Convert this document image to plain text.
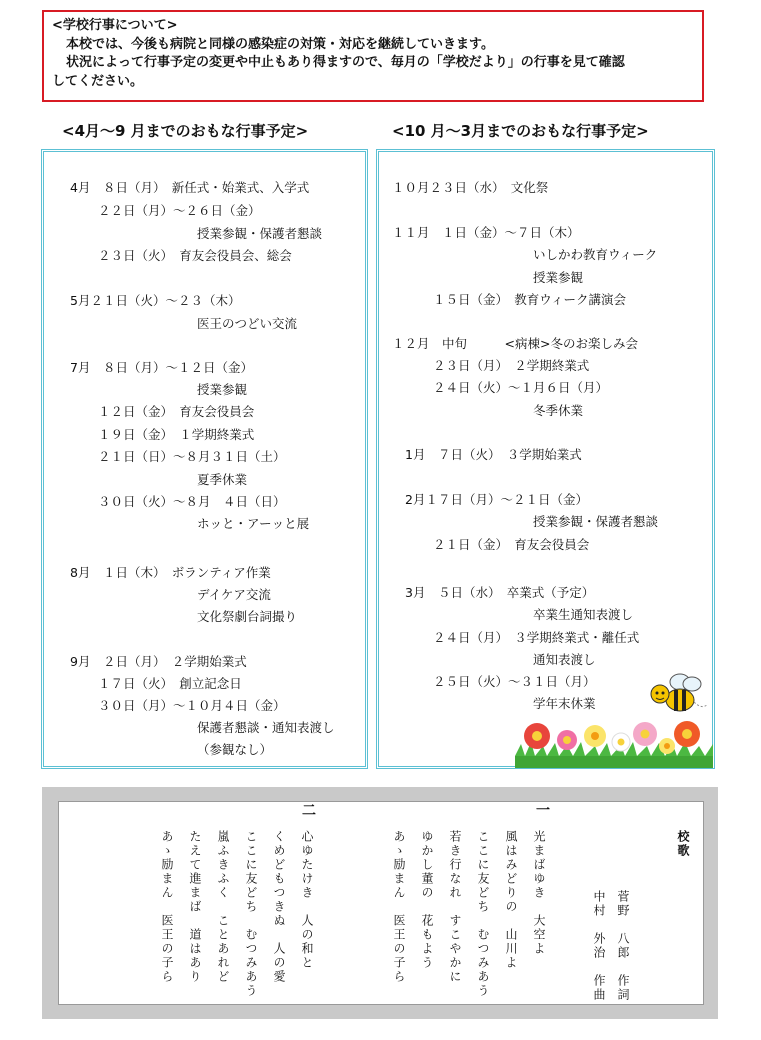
<学校行事について>
本校では、今後も病院と同様の感染症の対策・対応を継続していきます。
状況によって行事予定の変更や中止もあり得ますので、毎月の「学校だより」の行事を見て確認
してください。
<4月～9 月までのおもな行事予定>	<10 月～3月までのおもな行事予定>
4月　８日（月）　新任式・始業式、入学式
２２日（月）～２６日（金）
授業参観・保護者懇談
２３日（火）　育友会役員会、総会
5月２１日（火）～２３（木）
医王のつどい交流
7月　８日（月）～１２日（金）
授業参観
１２日（金）　育友会役員会
１９日（金）　１学期終業式
２１日（日）～８月３１日（土）
夏季休業
３０日（火）～８月　４日（日）
ホッと・アーッと展
8月　１日（木）　ボランティア作業
デイケア交流
文化祭劇台詞撮り
9月　２日（月）　２学期始業式
１７日（火）　創立記念日
３０日（月）～１０月４日（金）
保護者懇談・通知表渡し
（参観なし）
１０月２３日（水）　文化祭
１１月　１日（金）～７日（木）
いしかわ教育ウィーク
授業参観
１５日（金）　教育ウィーク講演会
１２月　中旬　　　<病棟>冬のお楽しみ会
２３日（月）　２学期終業式
２４日（火）～１月６日（月）
冬季休業
1月　７日（火）　３学期始業式
2月１７日（月）～２１日（金）
授業参観・保護者懇談
２１日（金）　育友会役員会
3月　５日（水）　卒業式（予定）
卒業生通知表渡し
２４日（月）　３学期終業式・離任式
通知表渡し
２５日（火）～３１日（月）
学年末休業
校歌
菅野　八郎　作詞
中村　外治　作曲
一
光まばゆき　大空よ
風はみどりの　山川よ
ここに友どち　むつみあう
若き行なれ　すこやかに
ゆかし董の　花もよう
あゝ励まん　医王の子ら
二
心ゆたけき　人の和と
くめどもつきぬ　人の愛
ここに友どち　むつみあう
嵐ふきふく　ことあれど
たえて進まば　道はあり
あゝ励まん　医王の子ら
